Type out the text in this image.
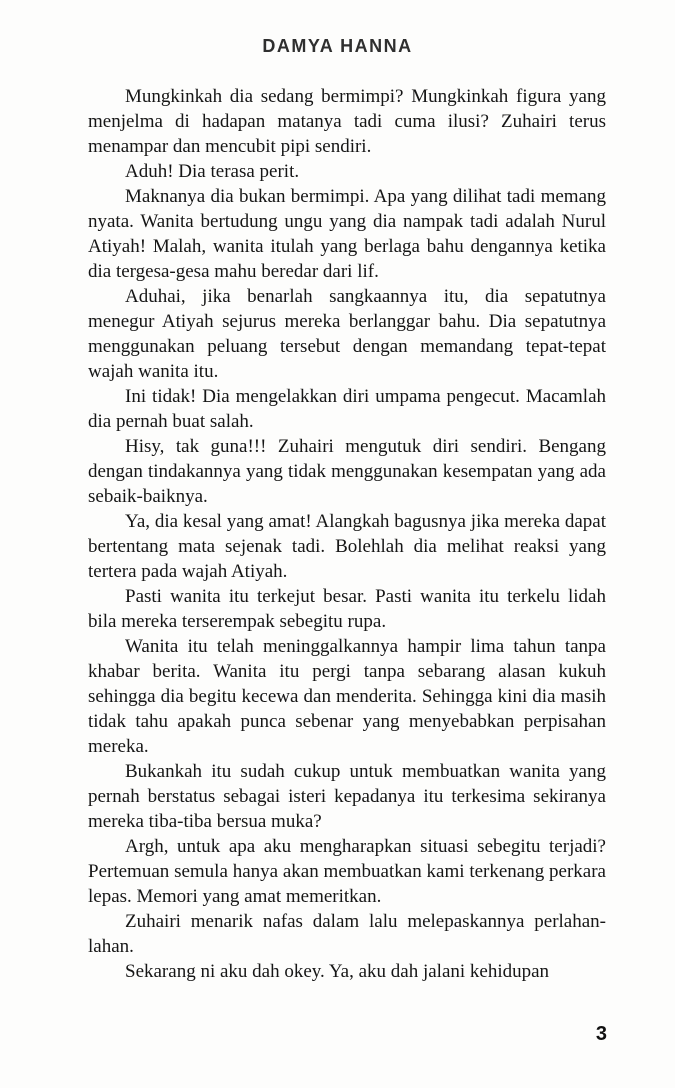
DAMYA HANNA

Mungkinkah dia sedang bermimpi? Mungkinkah figura yang menjelma di hadapan matanya tadi cuma ilusi? Zuhairi terus menampar dan mencubit pipi sendiri.

Aduh! Dia terasa perit.

Maknanya dia bukan bermimpi. Apa yang dilihat tadi memang nyata. Wanita bertudung ungu yang dia nampak tadi adalah Nurul Atiyah! Malah, wanita itulah yang berlaga bahu dengannya ketika dia tergesa-gesa mahu beredar dari lif.

Aduhai, jika benarlah sangkaannya itu, dia sepatutnya menegur Atiyah sejurus mereka berlanggar bahu. Dia sepatutnya menggunakan peluang tersebut dengan memandang tepat-tepat wajah wanita itu.

Ini tidak! Dia mengelakkan diri umpama pengecut. Macamlah dia pernah buat salah.

Hisy, tak guna!!! Zuhairi mengutuk diri sendiri. Bengang dengan tindakannya yang tidak menggunakan kesempatan yang ada sebaik-baiknya.

Ya, dia kesal yang amat! Alangkah bagusnya jika mereka dapat bertentang mata sejenak tadi. Bolehlah dia melihat reaksi yang tertera pada wajah Atiyah.

Pasti wanita itu terkejut besar. Pasti wanita itu terkelu lidah bila mereka terserempak sebegitu rupa.

Wanita itu telah meninggalkannya hampir lima tahun tanpa khabar berita. Wanita itu pergi tanpa sebarang alasan kukuh sehingga dia begitu kecewa dan menderita. Sehingga kini dia masih tidak tahu apakah punca sebenar yang menyebabkan perpisahan mereka.

Bukankah itu sudah cukup untuk membuatkan wanita yang pernah berstatus sebagai isteri kepadanya itu terkesima sekiranya mereka tiba-tiba bersua muka?

Argh, untuk apa aku mengharapkan situasi sebegitu terjadi? Pertemuan semula hanya akan membuatkan kami terkenang perkara lepas. Memori yang amat memeritkan.

Zuhairi menarik nafas dalam lalu melepaskannya perlahan-lahan.

Sekarang ni aku dah okey. Ya, aku dah jalani kehidupan

3
